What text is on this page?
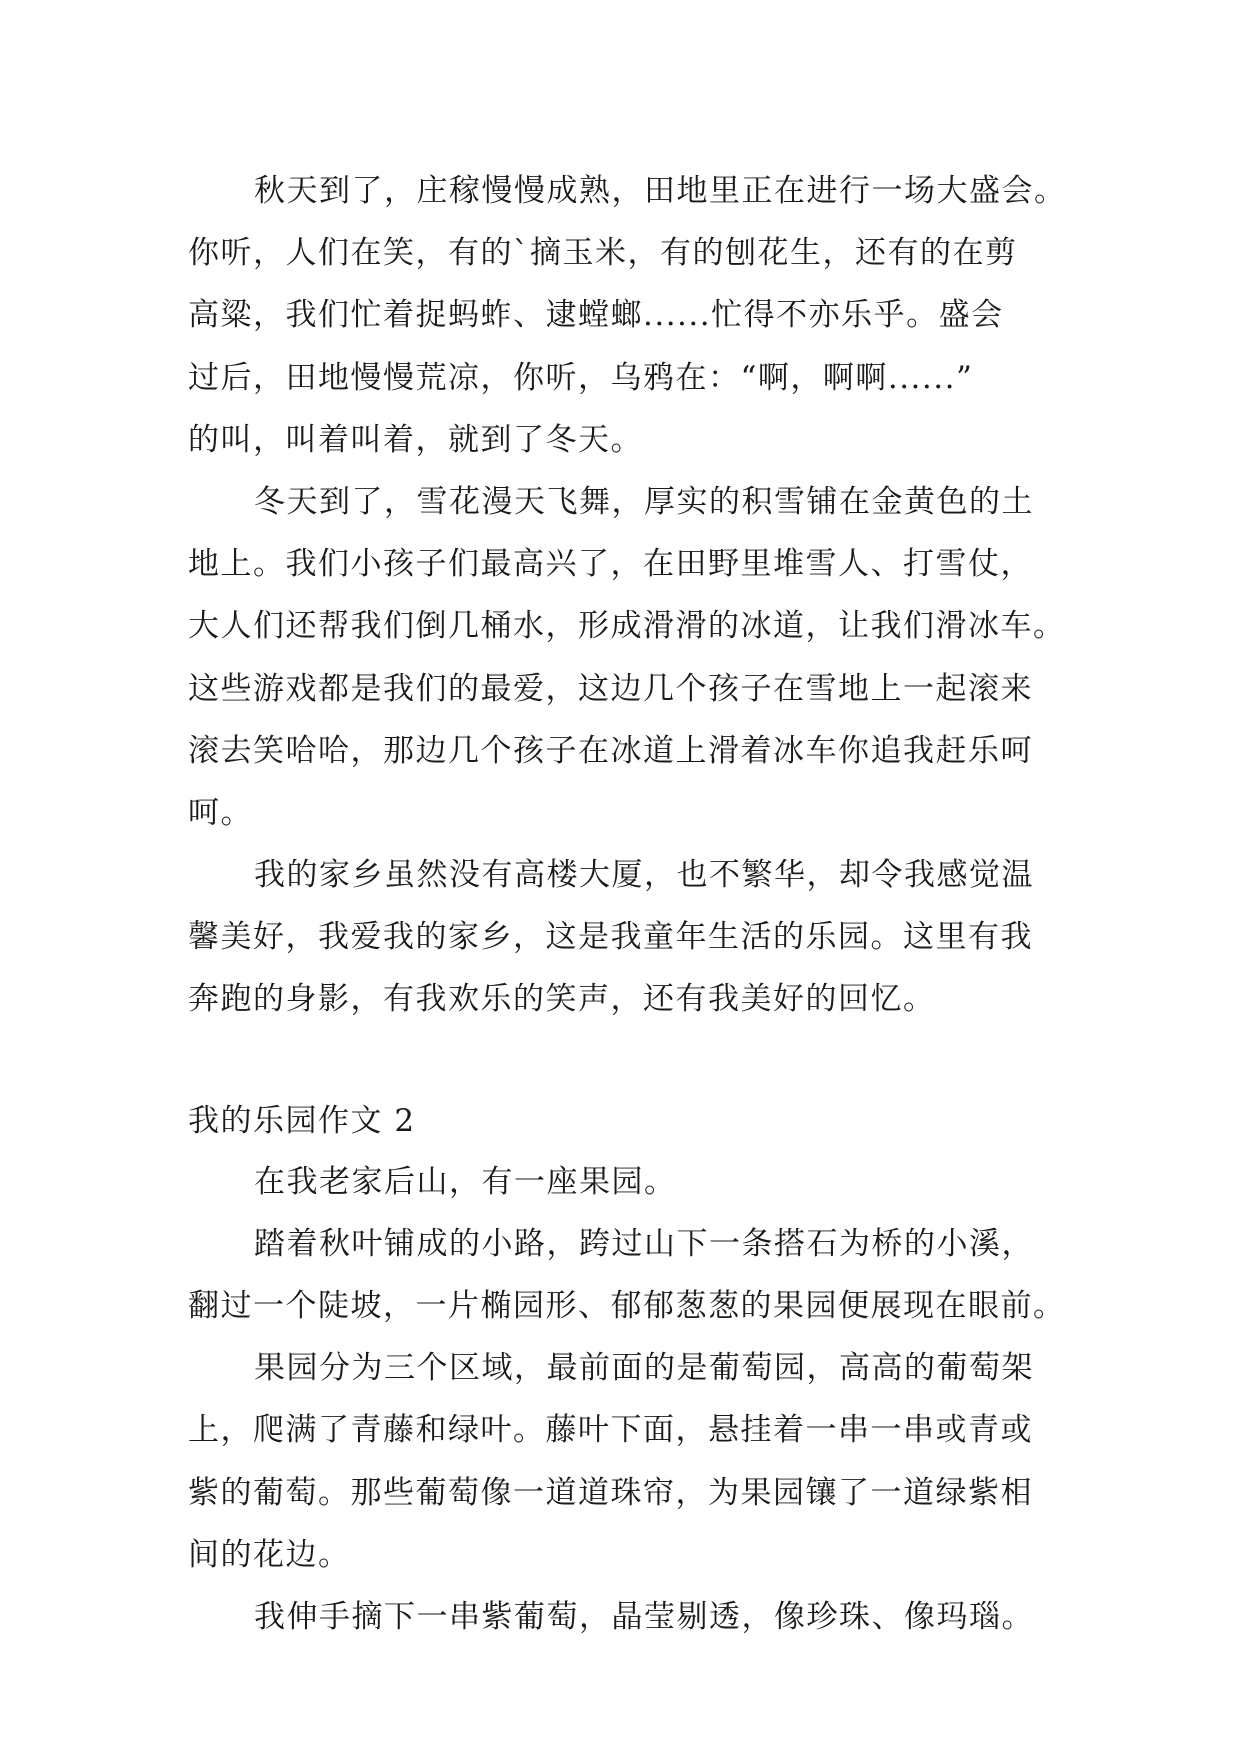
秋天到了，庄稼慢慢成熟，田地里正在进行一场大盛会。
你听，人们在笑，有的`摘玉米，有的刨花生，还有的在剪
高粱，我们忙着捉蚂蚱、逮螳螂......忙得不亦乐乎。盛会
过后，田地慢慢荒凉，你听，乌鸦在：“啊，啊啊......”
的叫，叫着叫着，就到了冬天。
冬天到了，雪花漫天飞舞，厚实的积雪铺在金黄色的土
地上。我们小孩子们最高兴了，在田野里堆雪人、打雪仗，
大人们还帮我们倒几桶水，形成滑滑的冰道，让我们滑冰车。
这些游戏都是我们的最爱，这边几个孩子在雪地上一起滚来
滚去笑哈哈，那边几个孩子在冰道上滑着冰车你追我赶乐呵
呵。
我的家乡虽然没有高楼大厦，也不繁华，却令我感觉温
馨美好，我爱我的家乡，这是我童年生活的乐园。这里有我
奔跑的身影，有我欢乐的笑声，还有我美好的回忆。
我的乐园作文 2
在我老家后山，有一座果园。
踏着秋叶铺成的小路，跨过山下一条搭石为桥的小溪，
翻过一个陡坡，一片椭园形、郁郁葱葱的果园便展现在眼前。
果园分为三个区域，最前面的是葡萄园，高高的葡萄架
上，爬满了青藤和绿叶。藤叶下面，悬挂着一串一串或青或
紫的葡萄。那些葡萄像一道道珠帘，为果园镶了一道绿紫相
间的花边。
我伸手摘下一串紫葡萄，晶莹剔透，像珍珠、像玛瑙。
